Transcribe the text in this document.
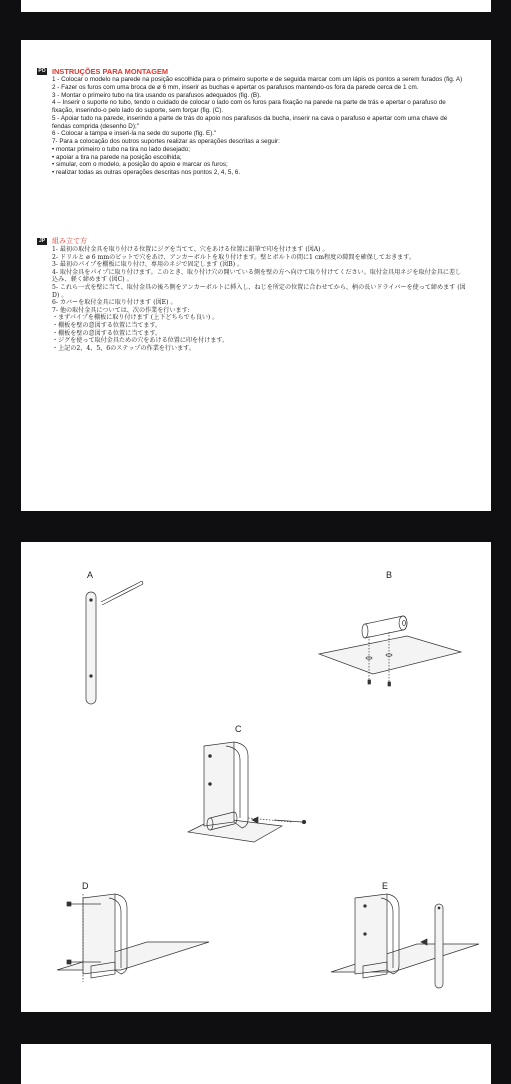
PO INSTRUÇÕES PARA MONTAGEM
1 - Colocar o modelo na parede na posição escolhida para o primeiro suporte e de seguida marcar com um lápis os pontos a serem furados (fig. A)
2 - Fazer os furos com uma broca de ø 6 mm, inserir as buchas e apertar os parafusos mantendo-os fora da parede cerca de 1 cm.
3 - Montar o primeiro tubo na tira usando os parafusos adequados (fig. (B).
4 – Inserir o suporte no tubo, tendo o cuidado de colocar o lado com os furos para fixação na parede na parte de trás e apertar o parafuso de fixação, inserindo-o pelo lado do suporte, sem forçar (fig. (C).
5 - Apoiar tudo na parede, inserindo a parte de trás do apoio nos parafusos da bucha, inserir na cava o parafuso e apertar com uma chave de fendas comprida (desenho D);"
6 - Colocar a tampa e inseri-la na sede do suporte (fig. E)."
7- Para a colocação dos outros suportes realizar as operações descritas a seguir:
• montar primeiro o tubo na tira no lado desejado;
• apoiar a tira na parede na posição escolhida;
• simular, com o modelo, a posição do apoio e marcar os furos;
• realizar todas as outras operações descritas nos pontos 2, 4, 5, 6.
JP 組み立て方
1- 最初の取付金具を取り付ける位置にジグを当てて、穴をあける位置に鉛筆で印を付けます (図A) 。
2- ドリルと ø 6 mmのビットで穴をあけ、アンカーボルトを取り付けます。壁とボルトの間に1 cm程度の隙間を確保しておきます。
3- 最初のパイプを棚板に取り付け、専用のネジで固定します (図B) 。
4- 取付金具をパイプに取り付けます。このとき、取り付け穴の開いている側を壁の方へ向けて取り付けてください。取付金具用ネジを取付金具に差し込み、軽く締めます (図C) 。
5- これら一式を壁に当て、取付金具の後ろ側をアンカーボルトに挿入し、ねじを所定の位置に合わせてから、柄の長いドライバーを使って締めます (図D) 。
6- カバーを取付金具に取り付けます (図E) 。
7- 他の取付金具については、次の作業を行います:
・まずパイプを棚板に取り付けます (上下どちらでも良い) 。
・棚板を壁の意図する位置に当てます。
・棚板を壁の意図する位置に当てます。
・ジグを使って取付金具ための穴をあける位置に印を付けます。
・上記の2、4、5、6のステップの作業を行います。
A	B
C
D	E
